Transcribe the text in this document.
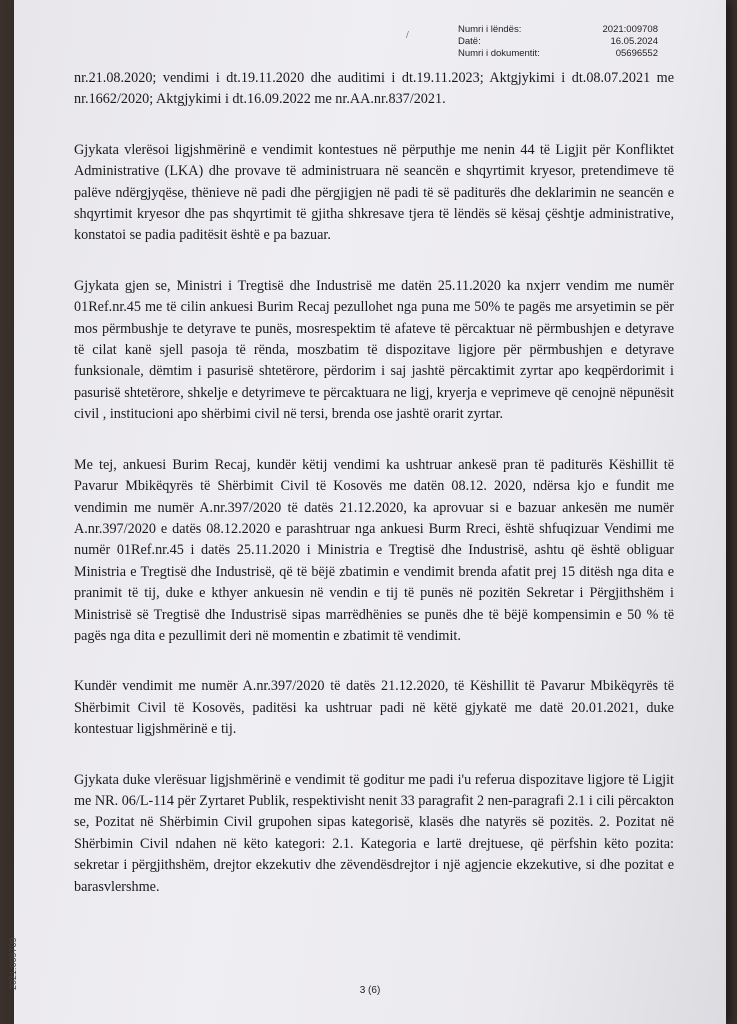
/
Numri i lëndës:	2021:009708
Datë:	16.05.2024
Numri i dokumentit:	05696552

nr.21.08.2020; vendimi i dt.19.11.2020 dhe auditimi i dt.19.11.2023; Aktgjykimi i dt.08.07.2021 me nr.1662/2020; Aktgjykimi i dt.16.09.2022 me nr.AA.nr.837/2021.

Gjykata vlerësoi ligjshmërinë e vendimit kontestues në përputhje me nenin 44 të Ligjit për Konfliktet Administrative (LKA) dhe provave të administruara në seancën e shqyrtimit kryesor, pretendimeve të palëve ndërgjyqëse, thënieve në padi dhe përgjigjen në padi të së paditurës dhe deklarimin ne seancën e shqyrtimit kryesor dhe pas shqyrtimit të gjitha shkresave tjera të lëndës së kësaj çështje administrative, konstatoi se padia paditësit është e pa bazuar.

Gjykata gjen se, Ministri i Tregtisë dhe Industrisë me datën 25.11.2020 ka nxjerr vendim me numër 01Ref.nr.45 me të cilin ankuesi Burim Recaj pezullohet nga puna me 50% te pagës me arsyetimin se për mos përmbushje te detyrave te punës, mosrespektim të afateve të përcaktuar në përmbushjen e detyrave të cilat kanë sjell pasoja të rënda, moszbatim të dispozitave ligjore për përmbushjen e detyrave funksionale, dëmtim i pasurisë shtetërore, përdorim i saj jashtë përcaktimit zyrtar apo keqpërdorimit i pasurisë shtetërore, shkelje e detyrimeve te përcaktuara ne ligj, kryerja e veprimeve që cenojnë nëpunësit civil , institucioni apo shërbimi civil në tersi, brenda ose jashtë orarit zyrtar.

Me tej, ankuesi Burim Recaj, kundër këtij vendimi ka ushtruar ankesë pran të paditurës Këshillit të Pavarur Mbikëqyrës të Shërbimit Civil të Kosovës me datën 08.12. 2020, ndërsa kjo e fundit me vendimin me numër A.nr.397/2020 të datës 21.12.2020, ka aprovuar si e bazuar ankesën me numër A.nr.397/2020 e datës 08.12.2020 e parashtruar nga ankuesi Burm Rreci, është shfuqizuar Vendimi me numër 01Ref.nr.45 i datës 25.11.2020 i Ministria e Tregtisë dhe Industrisë, ashtu që është obliguar Ministria e Tregtisë dhe Industrisë, që të bëjë zbatimin e vendimit brenda afatit prej 15 ditësh nga dita e pranimit të tij, duke e kthyer ankuesin në vendin e tij të punës në pozitën Sekretar i Përgjithshëm i Ministrisë së Tregtisë dhe Industrisë sipas marrëdhënies se punës dhe të bëjë kompensimin e 50 % të pagës nga dita e pezullimit deri në momentin e zbatimit të vendimit.

Kundër vendimit me numër A.nr.397/2020 të datës 21.12.2020, të Këshillit të Pavarur Mbikëqyrës të Shërbimit Civil të Kosovës, paditësi ka ushtruar padi në këtë gjykatë me datë 20.01.2021, duke kontestuar ligjshmërinë e tij.

Gjykata duke vlerësuar ligjshmërinë e vendimit të goditur me padi i'u referua dispozitave ligjore të Ligjit me NR. 06/L-114 për Zyrtaret Publik, respektivisht nenit 33 paragrafit 2 nen-paragrafi 2.1 i cili përcakton se, Pozitat në Shërbimin Civil grupohen sipas kategorisë, klasës dhe natyrës së pozitës. 2. Pozitat në Shërbimin Civil ndahen në këto kategori: 2.1. Kategoria e lartë drejtuese, që përfshin këto pozita: sekretar i përgjithshëm, drejtor ekzekutiv dhe zëvendësdrejtor i një agjencie ekzekutive, si dhe pozitat e barasvlershme.

3 (6)
2021:009709
